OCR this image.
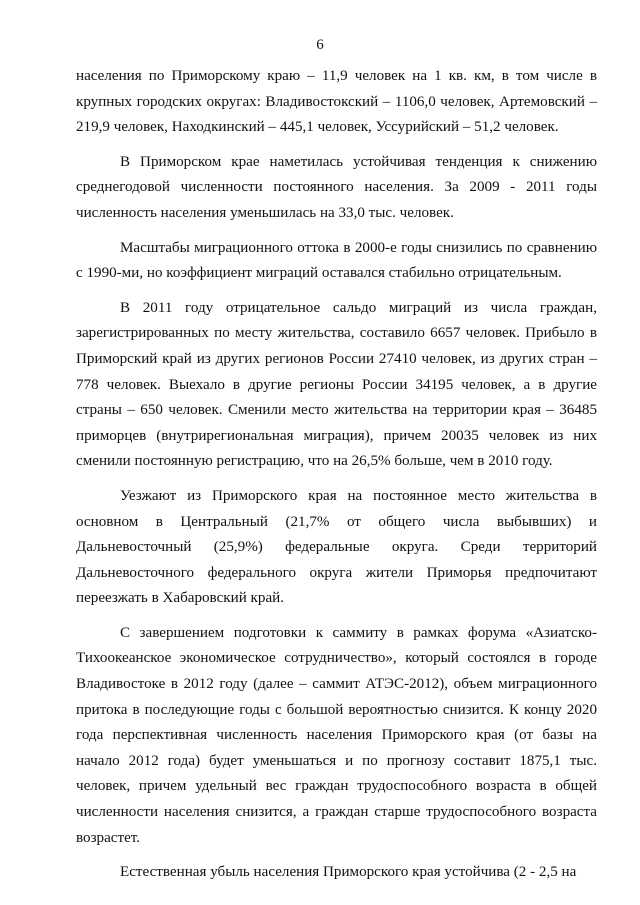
6

населения по Приморскому краю – 11,9 человек на 1 кв. км, в том числе в крупных городских округах: Владивостокский – 1106,0 человек, Артемовский – 219,9 человек, Находкинский – 445,1 человек, Уссурийский – 51,2 человек.

В Приморском крае наметилась устойчивая тенденция к снижению среднегодовой численности постоянного населения. За 2009 - 2011 годы численность населения уменьшилась на 33,0 тыс. человек.

Масштабы миграционного оттока в 2000-е годы снизились по сравнению с 1990-ми, но коэффициент миграций оставался стабильно отрицательным.

В 2011 году отрицательное сальдо миграций из числа граждан, зарегистрированных по месту жительства, составило 6657 человек. Прибыло в Приморский край из других регионов России 27410 человек, из других стран – 778 человек. Выехало в другие регионы России 34195 человек, а в другие страны – 650 человек. Сменили место жительства на территории края – 36485 приморцев (внутрирегиональная миграция), причем 20035 человек из них сменили постоянную регистрацию, что на 26,5% больше, чем в 2010 году.

Уезжают из Приморского края на постоянное место жительства в основном в Центральный (21,7% от общего числа выбывших) и Дальневосточный (25,9%) федеральные округа. Среди территорий Дальневосточного федерального округа жители Приморья предпочитают переезжать в Хабаровский край.

С завершением подготовки к саммиту в рамках форума «Азиатско-Тихоокеанское экономическое сотрудничество», который состоялся в городе Владивостоке в 2012 году (далее – саммит АТЭС-2012), объем миграционного притока в последующие годы с большой вероятностью снизится. К концу 2020 года перспективная численность населения Приморского края (от базы на начало 2012 года) будет уменьшаться и по прогнозу составит 1875,1 тыс. человек, причем удельный вес граждан трудоспособного возраста в общей численности населения снизится, а граждан старше трудоспособного возраста возрастет.

Естественная убыль населения Приморского края устойчива (2 - 2,5 на
